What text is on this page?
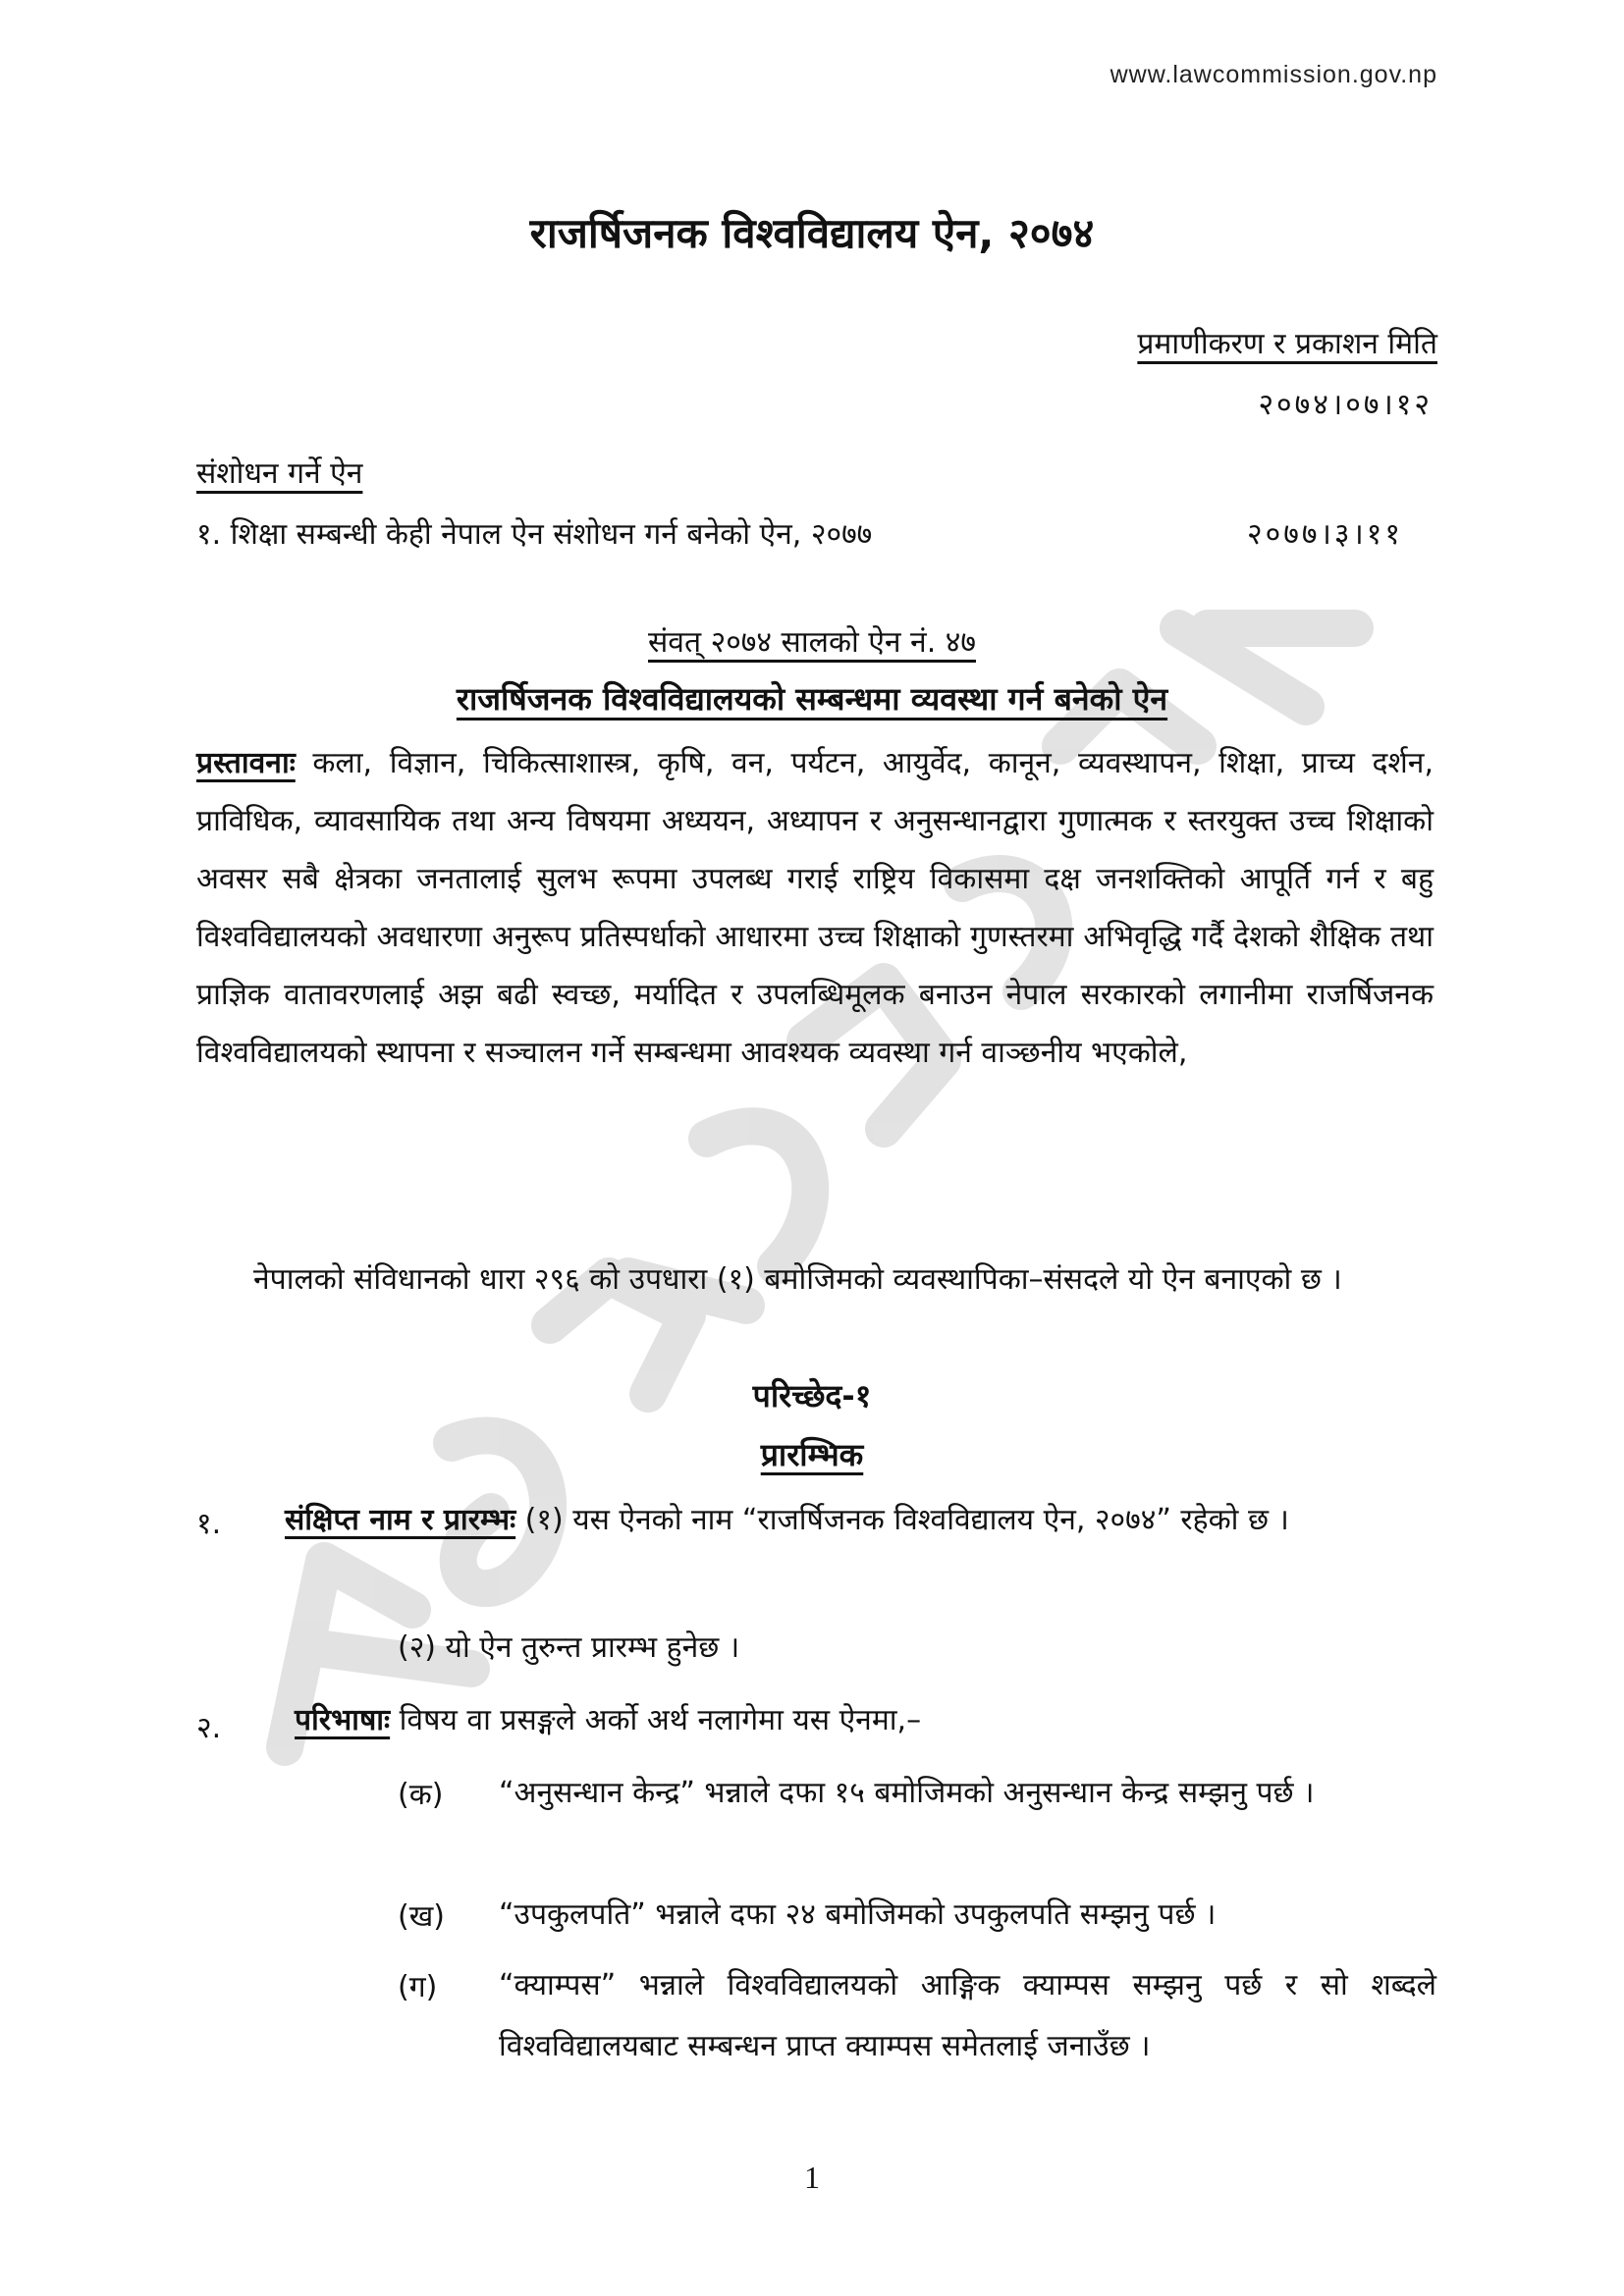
www.lawcommission.gov.np
राजर्षिजनक विश्वविद्यालय ऐन, २०७४
प्रमाणीकरण र प्रकाशन मिति
२०७४।०७।१२
संशोधन गर्ने ऐन
१. शिक्षा सम्बन्धी केही नेपाल ऐन संशोधन गर्न बनेको ऐन, २०७७	२०७७।३।११
संवत् २०७४ सालको ऐन नं. ४७
राजर्षिजनक विश्वविद्यालयको सम्बन्धमा व्यवस्था गर्न बनेको ऐन
प्रस्तावनाः कला, विज्ञान, चिकित्साशास्त्र, कृषि, वन, पर्यटन, आयुर्वेद, कानून, व्यवस्थापन, शिक्षा, प्राच्य दर्शन, प्राविधिक, व्यावसायिक तथा अन्य विषयमा अध्ययन, अध्यापन र अनुसन्धानद्वारा गुणात्मक र स्तरयुक्त उच्च शिक्षाको अवसर सबै क्षेत्रका जनतालाई सुलभ रूपमा उपलब्ध गराई राष्ट्रिय विकासमा दक्ष जनशक्तिको आपूर्ति गर्न र बहु विश्वविद्यालयको अवधारणा अनुरूप प्रतिस्पर्धाको आधारमा उच्च शिक्षाको गुणस्तरमा अभिवृद्धि गर्दै देशको शैक्षिक तथा प्राज्ञिक वातावरणलाई अझ बढी स्वच्छ, मर्यादित र उपलब्धिमूलक बनाउन नेपाल सरकारको लगानीमा राजर्षिजनक विश्वविद्यालयको स्थापना र सञ्चालन गर्ने सम्बन्धमा आवश्यक व्यवस्था गर्न वाञ्छनीय भएकोले,
नेपालको संविधानको धारा २९६ को उपधारा (१) बमोजिमको व्यवस्थापिका–संसदले यो ऐन बनाएको छ ।
परिच्छेद-१
प्रारम्भिक
१. संक्षिप्त नाम र प्रारम्भः (१) यस ऐनको नाम “राजर्षिजनक विश्वविद्यालय ऐन, २०७४” रहेको छ ।
(२) यो ऐन तुरुन्त प्रारम्भ हुनेछ ।
२. परिभाषाः विषय वा प्रसङ्गले अर्को अर्थ नलागेमा यस ऐनमा,–
(क) “अनुसन्धान केन्द्र” भन्नाले दफा १५ बमोजिमको अनुसन्धान केन्द्र सम्झनु पर्छ ।
(ख) “उपकुलपति” भन्नाले दफा २४ बमोजिमको उपकुलपति सम्झनु पर्छ ।
(ग) “क्याम्पस” भन्नाले विश्वविद्यालयको आङ्गिक क्याम्पस सम्झनु पर्छ र सो शब्दले विश्वविद्यालयबाट सम्बन्धन प्राप्त क्याम्पस समेतलाई जनाउँछ ।
1
